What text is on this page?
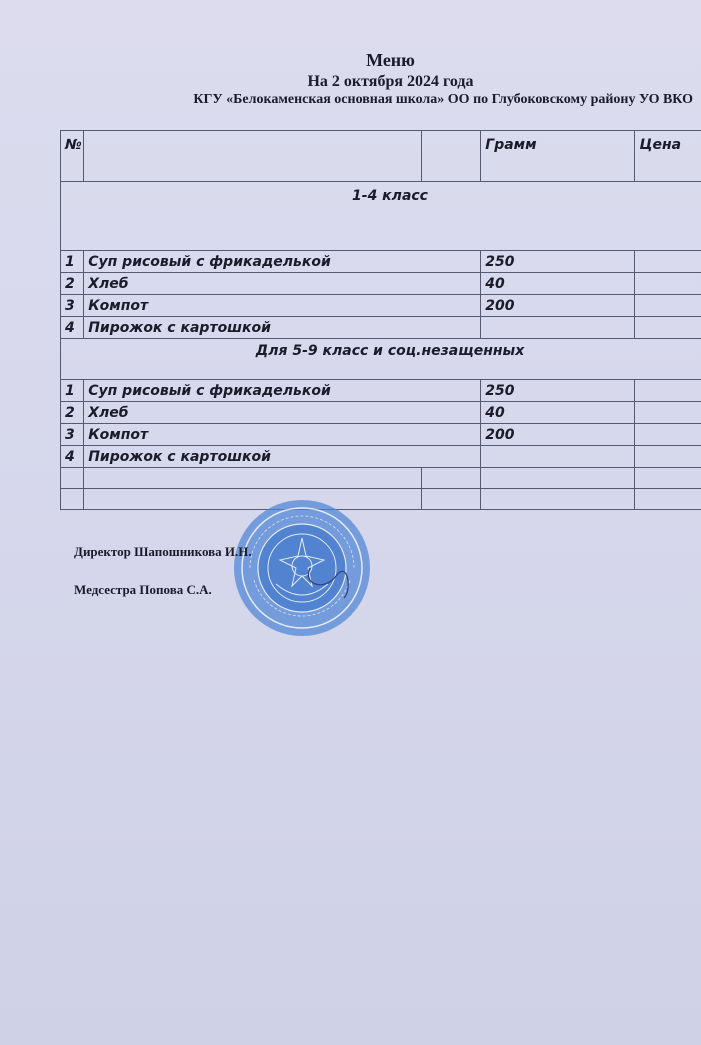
Меню
На 2 октября 2024 года
КГУ «Белокаменская основная школа» ОО по Глубоковскому району УО ВКО
№			Грамм	Цена
1-4 класс				
1	Суп рисовый с фрикаделькой		250	
2	Хлеб		40	
3	Компот		200	
4	Пирожок с картошкой			
Для 5-9 класс и соц.незащенных				
1	Суп рисовый с фрикаделькой		250	
2	Хлеб		40	
3	Компот		200	
4	Пирожок с картошкой			

Директор Шапошникова И.Н.
Медсестра Попова С.А.
